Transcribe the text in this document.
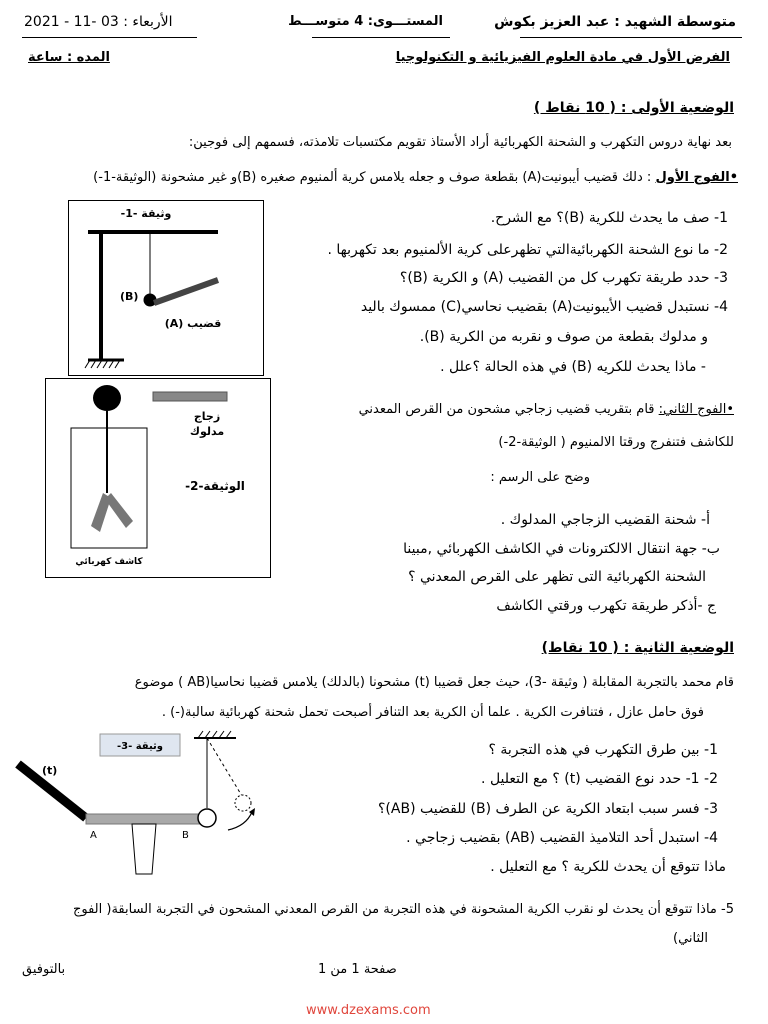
متوسطة الشهيد : عبد العزيز بكوش
المستـــوى: 4 متوســـط
الأربعاء : 03 -11 - 2021
الفرض الأول في مادة العلوم الفيزيائية و التكنولوجيا
المده : ساعة
الوضعية الأولى : ( 10 نقاط )
بعد نهاية دروس التكهرب و الشحنة الكهربائية أراد الأستاذ تقويم مكتسبات تلامذته، فسمهم إلى فوجين:
•الفوج الأول : دلك قضيب أيبونيت(A) بقطعة صوف و جعله يلامس كرية ألمنيوم صغيره (B)و غير مشحونة (الوثيقة-1-)
1- صف ما يحدث للكرية (B)؟ مع الشرح.
2- ما نوع الشحنة الكهربائيةالتي تظهرعلى كرية الألمنيوم بعد تكهربها .
3- حدد طريقة تكهرب كل من القضيب (A) و الكرية (B)؟
4- نستبدل قضيب الأيبونيت(A) بقضيب نحاسي(C) ممسوك باليد
و مدلوك بقطعة من صوف و نقربه من الكرية (B).
- ماذا يحدث للكريه (B) في هذه الحالة ؟علل .
•الفوج الثاني: قام بتقريب قضيب زجاجي مشحون من القرص المعدني
للكاشف فتنفرج ورقتا الالمنيوم ( الوثيقة-2-)
وضح على الرسم :
أ- شحنة القضيب الزجاجي المدلوك .
ب- جهة انتقال الالكترونات في الكاشف الكهربائي ,مبينا
الشحنة الكهربائية التى تظهر على القرص المعدني ؟
ج -أذكر طريقة تكهرب ورقتي الكاشف
وثيقة -1-
(B)
قضيب (A)
زجاج
مدلوك
الوثيقة-2-
كاشف كهربائي
الوضعية الثانية : ( 10 نقاط)
قام محمد بالتجربة المقابلة ( وثيقة -3)، حيث جعل قضيبا (t) مشحونا (بالدلك) يلامس قضيبا نحاسيا(AB ) موضوع
فوق حامل عازل ، فتنافرت الكرية . علما أن الكرية بعد التنافر أصبحت تحمل شحنة كهربائية سالبة(-) .
1- بين طرق التكهرب في هذه التجربة ؟
2- 1- حدد نوع القضيب (t) ؟ مع التعليل .
3- فسر سبب ابتعاد الكرية عن الطرف (B) للقضيب (AB)؟
4- استبدل أحد التلاميذ القضيب (AB) بقضيب زجاجي .
ماذا تتوقع أن يحدث للكرية ؟ مع التعليل .
5- ماذا تتوقع أن يحدث لو نقرب الكرية المشحونة في هذه التجربة من القرص المعدني المشحون في التجربة السابقة( الفوج
الثاني)
وثيقة -3-
(t)
A	B
بالتوفيق	صفحة 1 من 1
www.dzexams.com
